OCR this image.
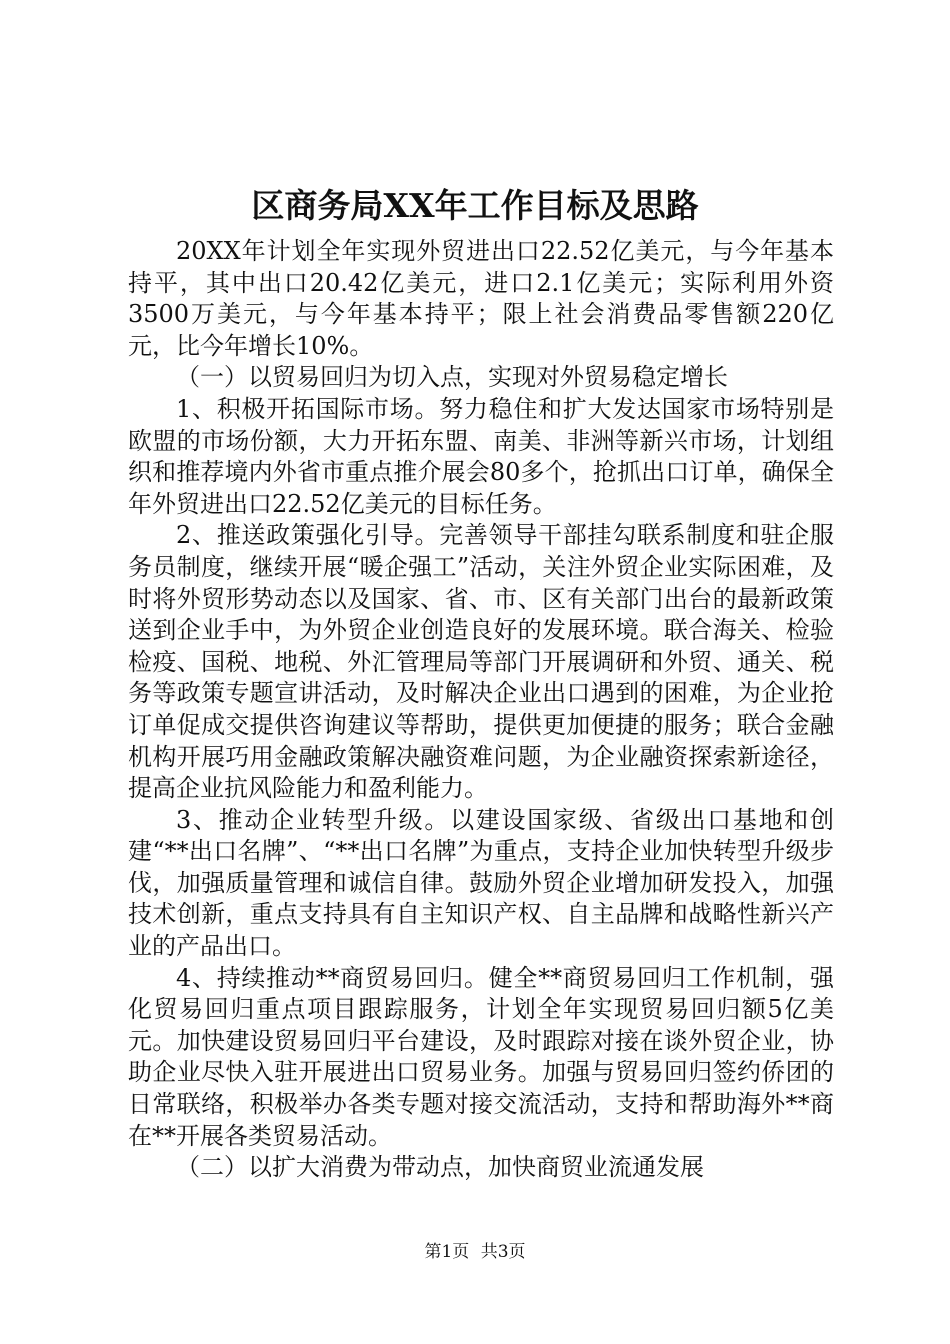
区商务局XX年工作目标及思路

20XX年计划全年实现外贸进出口22.52亿美元，与今年基本持平，其中出口20.42亿美元，进口2.1亿美元；实际利用外资3500万美元，与今年基本持平；限上社会消费品零售额220亿元，比今年增长10%。

（一）以贸易回归为切入点，实现对外贸易稳定增长

1、积极开拓国际市场。努力稳住和扩大发达国家市场特别是欧盟的市场份额，大力开拓东盟、南美、非洲等新兴市场，计划组织和推荐境内外省市重点推介展会80多个，抢抓出口订单，确保全年外贸进出口22.52亿美元的目标任务。

2、推送政策强化引导。完善领导干部挂勾联系制度和驻企服务员制度，继续开展“暖企强工”活动，关注外贸企业实际困难，及时将外贸形势动态以及国家、省、市、区有关部门出台的最新政策送到企业手中，为外贸企业创造良好的发展环境。联合海关、检验检疫、国税、地税、外汇管理局等部门开展调研和外贸、通关、税务等政策专题宣讲活动，及时解决企业出口遇到的困难，为企业抢订单促成交提供咨询建议等帮助，提供更加便捷的服务；联合金融机构开展巧用金融政策解决融资难问题，为企业融资探索新途径，提高企业抗风险能力和盈利能力。

3、推动企业转型升级。以建设国家级、省级出口基地和创建“**出口名牌”、“**出口名牌”为重点，支持企业加快转型升级步伐，加强质量管理和诚信自律。鼓励外贸企业增加研发投入，加强技术创新，重点支持具有自主知识产权、自主品牌和战略性新兴产业的产品出口。

4、持续推动**商贸易回归。健全**商贸易回归工作机制，强化贸易回归重点项目跟踪服务，计划全年实现贸易回归额5亿美元。加快建设贸易回归平台建设，及时跟踪对接在谈外贸企业，协助企业尽快入驻开展进出口贸易业务。加强与贸易回归签约侨团的日常联络，积极举办各类专题对接交流活动，支持和帮助海外**商在**开展各类贸易活动。

（二）以扩大消费为带动点，加快商贸业流通发展

第1页 共3页
